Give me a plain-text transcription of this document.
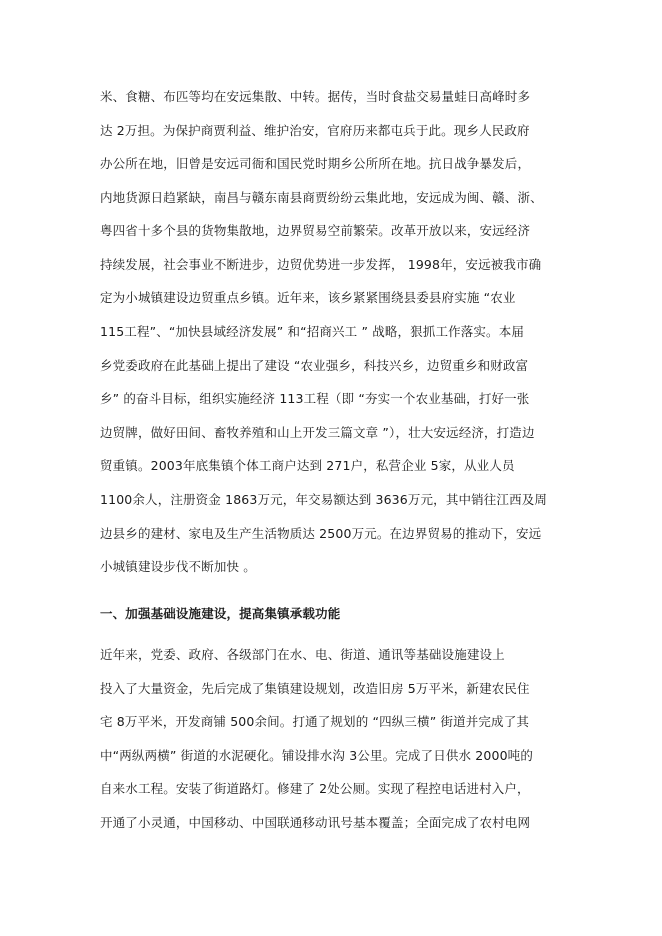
米、食糖、布匹等均在安远集散、中转。据传，当时食盐交易量蛙日高峰时多
达 2万担。为保护商贾利益、维护治安，官府历来都屯兵于此。现乡人民政府
办公所在地，旧曾是安远司衙和国民党时期乡公所所在地。抗日战争暴发后，
内地货源日趋紧缺，南昌与赣东南县商贾纷纷云集此地，安远成为闽、赣、浙、
粤四省十多个县的货物集散地，边界贸易空前繁荣。改革开放以来，安远经济
持续发展，社会事业不断进步，边贸优势进一步发挥， 1998年，安远被我市确
定为小城镇建设边贸重点乡镇。近年来，该乡紧紧围绕县委县府实施 “农业
115工程”、“加快县域经济发展” 和“招商兴工 ” 战略，狠抓工作落实。本届
乡党委政府在此基础上提出了建设 “农业强乡，科技兴乡，边贸重乡和财政富
乡” 的奋斗目标，组织实施经济 113工程（即 “夯实一个农业基础，打好一张
边贸牌，做好田间、畜牧养殖和山上开发三篇文章 ”），壮大安远经济，打造边
贸重镇。2003年底集镇个体工商户达到 271户，私营企业 5家，从业人员
1100余人，注册资金 1863万元，年交易额达到 3636万元，其中销往江西及周
边县乡的建材、家电及生产生活物质达 2500万元。在边界贸易的推动下，安远
小城镇建设步伐不断加快 。
一、加强基础设施建设，提高集镇承载功能
近年来，党委、政府、各级部门在水、电、街道、通讯等基础设施建设上
投入了大量资金，先后完成了集镇建设规划，改造旧房 5万平米，新建农民住
宅 8万平米，开发商铺 500余间。打通了规划的 “四纵三横” 街道并完成了其
中“两纵两横” 街道的水泥硬化。铺设排水沟 3公里。完成了日供水 2000吨的
自来水工程。安装了街道路灯。修建了 2处公厕。实现了程控电话进村入户，
开通了小灵通，中国移动、中国联通移动讯号基本覆盖；全面完成了农村电网
